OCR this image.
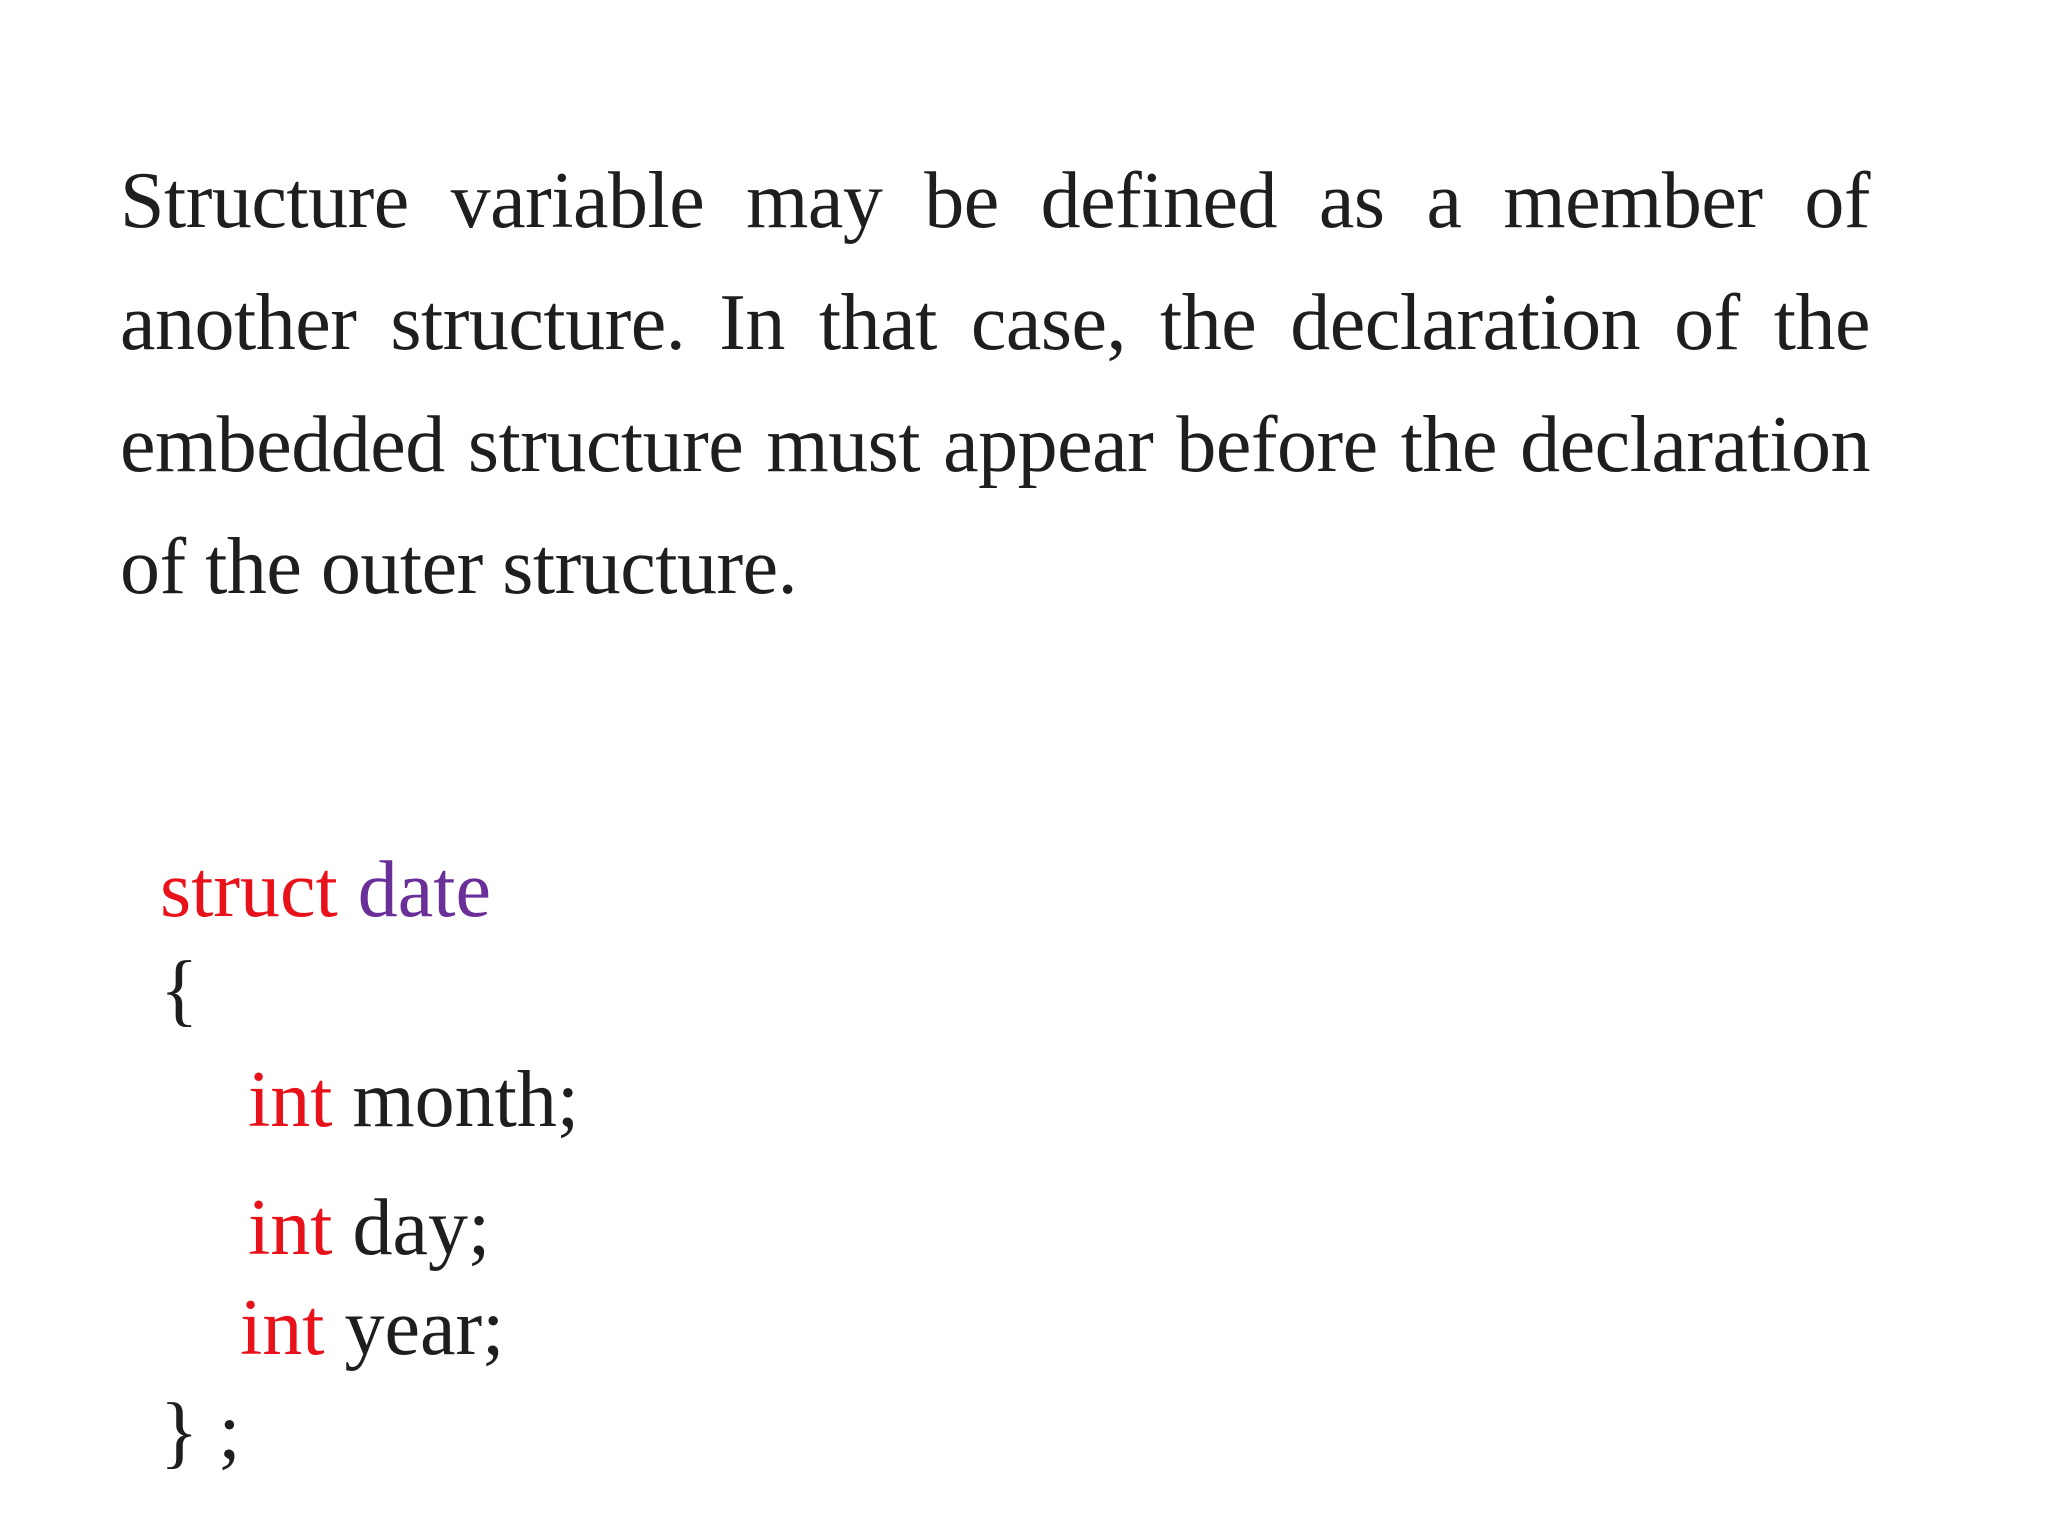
Structure variable may be defined as a member of another structure. In that case, the declaration of the embedded structure must appear before the declaration of the outer structure.

struct date

{

int month;

int day;

int year;

} ;
